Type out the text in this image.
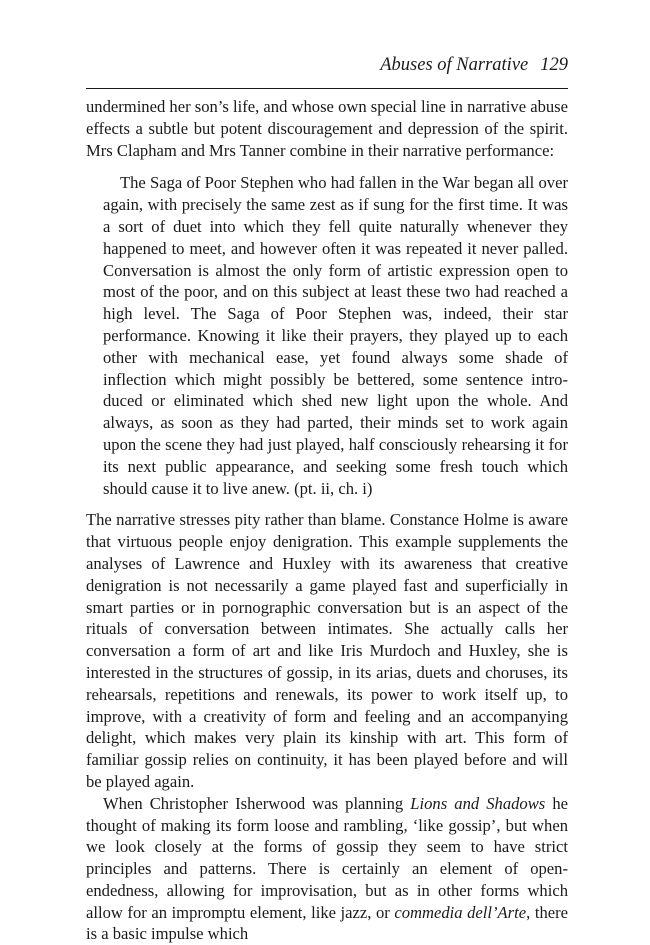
Abuses of Narrative 129

undermined her son’s life, and whose own special line in narrative abuse effects a subtle but potent discouragement and depression of the spirit. Mrs Clapham and Mrs Tanner combine in their narrative performance:

The Saga of Poor Stephen who had fallen in the War began all over again, with precisely the same zest as if sung for the first time. It was a sort of duet into which they fell quite naturally whenever they happened to meet, and however often it was repeated it never palled. Conversation is almost the only form of artistic expression open to most of the poor, and on this subject at least these two had reached a high level. The Saga of Poor Stephen was, indeed, their star performance. Knowing it like their prayers, they played up to each other with mechanical ease, yet found always some shade of inflection which might possibly be bettered, some sentence introduced or eliminated which shed new light upon the whole. And always, as soon as they had parted, their minds set to work again upon the scene they had just played, half consciously rehearsing it for its next public appearance, and seeking some fresh touch which should cause it to live anew. (pt. ii, ch. i)

The narrative stresses pity rather than blame. Constance Holme is aware that virtuous people enjoy denigration. This example supplements the analyses of Lawrence and Huxley with its awareness that creative denigration is not necessarily a game played fast and superficially in smart parties or in pornographic conversation but is an aspect of the rituals of conversation between intimates. She actually calls her conversation a form of art and like Iris Murdoch and Huxley, she is interested in the structures of gossip, in its arias, duets and choruses, its rehearsals, repetitions and renewals, its power to work itself up, to improve, with a creativity of form and feeling and an accompanying delight, which makes very plain its kinship with art. This form of familiar gossip relies on continuity, it has been played before and will be played again.

When Christopher Isherwood was planning Lions and Shadows he thought of making its form loose and rambling, ‘like gossip’, but when we look closely at the forms of gossip they seem to have strict principles and patterns. There is certainly an element of open-endedness, allowing for improvisation, but as in other forms which allow for an impromptu element, like jazz, or commedia dell’Arte, there is a basic impulse which
